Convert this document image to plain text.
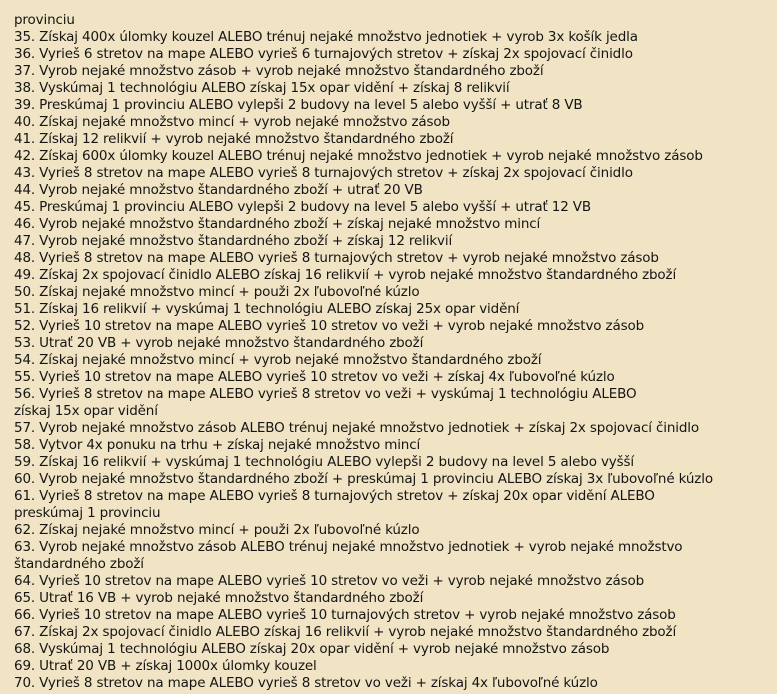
provinciu
35. Získaj 400x úlomky kouzel ALEBO trénuj nejaké množstvo jednotiek + vyrob 3x košík jedla
36. Vyrieš 6 stretov na mape ALEBO vyrieš 6 turnajových stretov + získaj 2x spojovací činidlo
37. Vyrob nejaké množstvo zásob + vyrob nejaké množstvo štandardného zboží
38. Vyskúmaj 1 technológiu ALEBO získaj 15x opar vidění + získaj 8 relikvií
39. Preskúmaj 1 provinciu ALEBO vylepši 2 budovy na level 5 alebo vyšší + utrať 8 VB
40. Získaj nejaké množstvo mincí + vyrob nejaké množstvo zásob
41. Získaj 12 relikvií + vyrob nejaké množstvo štandardného zboží
42. Získaj 600x úlomky kouzel ALEBO trénuj nejaké množstvo jednotiek + vyrob nejaké množstvo zásob
43. Vyrieš 8 stretov na mape ALEBO vyrieš 8 turnajových stretov + získaj 2x spojovací činidlo
44. Vyrob nejaké množstvo štandardného zboží + utrať 20 VB
45. Preskúmaj 1 provinciu ALEBO vylepši 2 budovy na level 5 alebo vyšší + utrať 12 VB
46. Vyrob nejaké množstvo štandardného zboží + získaj nejaké množstvo mincí
47. Vyrob nejaké množstvo štandardného zboží + získaj 12 relikvií
48. Vyrieš 8 stretov na mape ALEBO vyrieš 8 turnajových stretov + vyrob nejaké množstvo zásob
49. Získaj 2x spojovací činidlo ALEBO získaj 16 relikvií + vyrob nejaké množstvo štandardného zboží
50. Získaj nejaké množstvo mincí + použi 2x ľubovoľné kúzlo
51. Získaj 16 relikvií + vyskúmaj 1 technológiu ALEBO získaj 25x opar vidění
52. Vyrieš 10 stretov na mape ALEBO vyrieš 10 stretov vo veži + vyrob nejaké množstvo zásob
53. Utrať 20 VB + vyrob nejaké množstvo štandardného zboží
54. Získaj nejaké množstvo mincí + vyrob nejaké množstvo štandardného zboží
55. Vyrieš 10 stretov na mape ALEBO vyrieš 10 stretov vo veži + získaj 4x ľubovoľné kúzlo
56. Vyrieš 8 stretov na mape ALEBO vyrieš 8 stretov vo veži + vyskúmaj 1 technológiu ALEBO
získaj 15x opar vidění
57. Vyrob nejaké množstvo zásob ALEBO trénuj nejaké množstvo jednotiek + získaj 2x spojovací činidlo
58. Vytvor 4x ponuku na trhu + získaj nejaké množstvo mincí
59. Získaj 16 relikvií + vyskúmaj 1 technológiu ALEBO vylepši 2 budovy na level 5 alebo vyšší
60. Vyrob nejaké množstvo štandardného zboží + preskúmaj 1 provinciu ALEBO získaj 3x ľubovoľné kúzlo
61. Vyrieš 8 stretov na mape ALEBO vyrieš 8 turnajových stretov + získaj 20x opar vidění ALEBO
preskúmaj 1 provinciu
62. Získaj nejaké množstvo mincí + použi 2x ľubovoľné kúzlo
63. Vyrob nejaké množstvo zásob ALEBO trénuj nejaké množstvo jednotiek + vyrob nejaké množstvo
štandardného zboží
64. Vyrieš 10 stretov na mape ALEBO vyrieš 10 stretov vo veži + vyrob nejaké množstvo zásob
65. Utrať 16 VB + vyrob nejaké množstvo štandardného zboží
66. Vyrieš 10 stretov na mape ALEBO vyrieš 10 turnajových stretov + vyrob nejaké množstvo zásob
67. Získaj 2x spojovací činidlo ALEBO získaj 16 relikvií + vyrob nejaké množstvo štandardného zboží
68. Vyskúmaj 1 technológiu ALEBO získaj 20x opar vidění + vyrob nejaké množstvo zásob
69. Utrať 20 VB + získaj 1000x úlomky kouzel
70. Vyrieš 8 stretov na mape ALEBO vyrieš 8 stretov vo veži + získaj 4x ľubovoľné kúzlo
